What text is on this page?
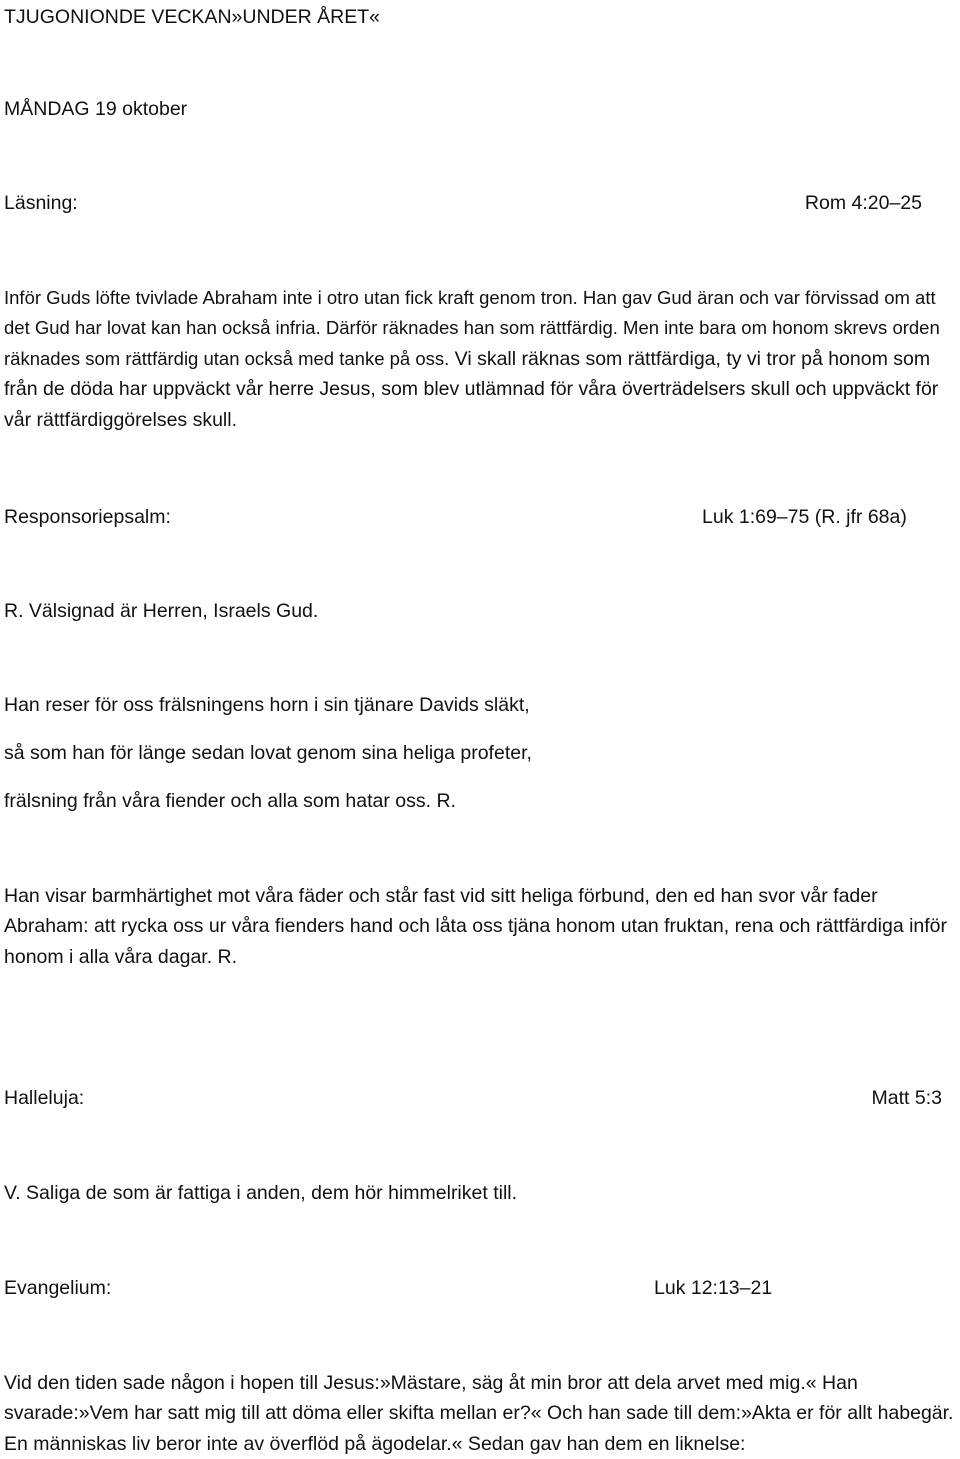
TJUGONIONDE VECKAN»UNDER ÅRET«
MÅNDAG 19 oktober
Läsning:	Rom 4:20–25
Inför Guds löfte tvivlade Abraham inte i otro utan fick kraft genom tron. Han gav Gud äran och var förvissad om att det Gud har lovat kan han också infria. Därför räknades han som rättfärdig. Men inte bara om honom skrevs orden räknades som rättfärdig utan också med tanke på oss. Vi skall räknas som rättfärdiga, ty vi tror på honom som från de döda har uppväckt vår herre Jesus, som blev utlämnad för våra överträdelsers skull och uppväckt för vår rättfärdiggörelses skull.
Responsoriepsalm:	Luk 1:69–75 (R. jfr 68a)
R. Välsignad är Herren, Israels Gud.
Han reser för oss frälsningens horn i sin tjänare Davids släkt,
så som han för länge sedan lovat genom sina heliga profeter,
frälsning från våra fiender och alla som hatar oss. R.
Han visar barmhärtighet mot våra fäder och står fast vid sitt heliga förbund, den ed han svor vår fader Abraham: att rycka oss ur våra fienders hand och låta oss tjäna honom utan fruktan, rena och rättfärdiga inför honom i alla våra dagar. R.
Halleluja:	Matt 5:3
V. Saliga de som är fattiga i anden, dem hör himmelriket till.
Evangelium:	Luk 12:13–21
Vid den tiden sade någon i hopen till Jesus:»Mästare, säg åt min bror att dela arvet med mig.« Han svarade:»Vem har satt mig till att döma eller skifta mellan er?« Och han sade till dem:»Akta er för allt habegär. En människas liv beror inte av överflöd på ägodelar.« Sedan gav han dem en liknelse:
